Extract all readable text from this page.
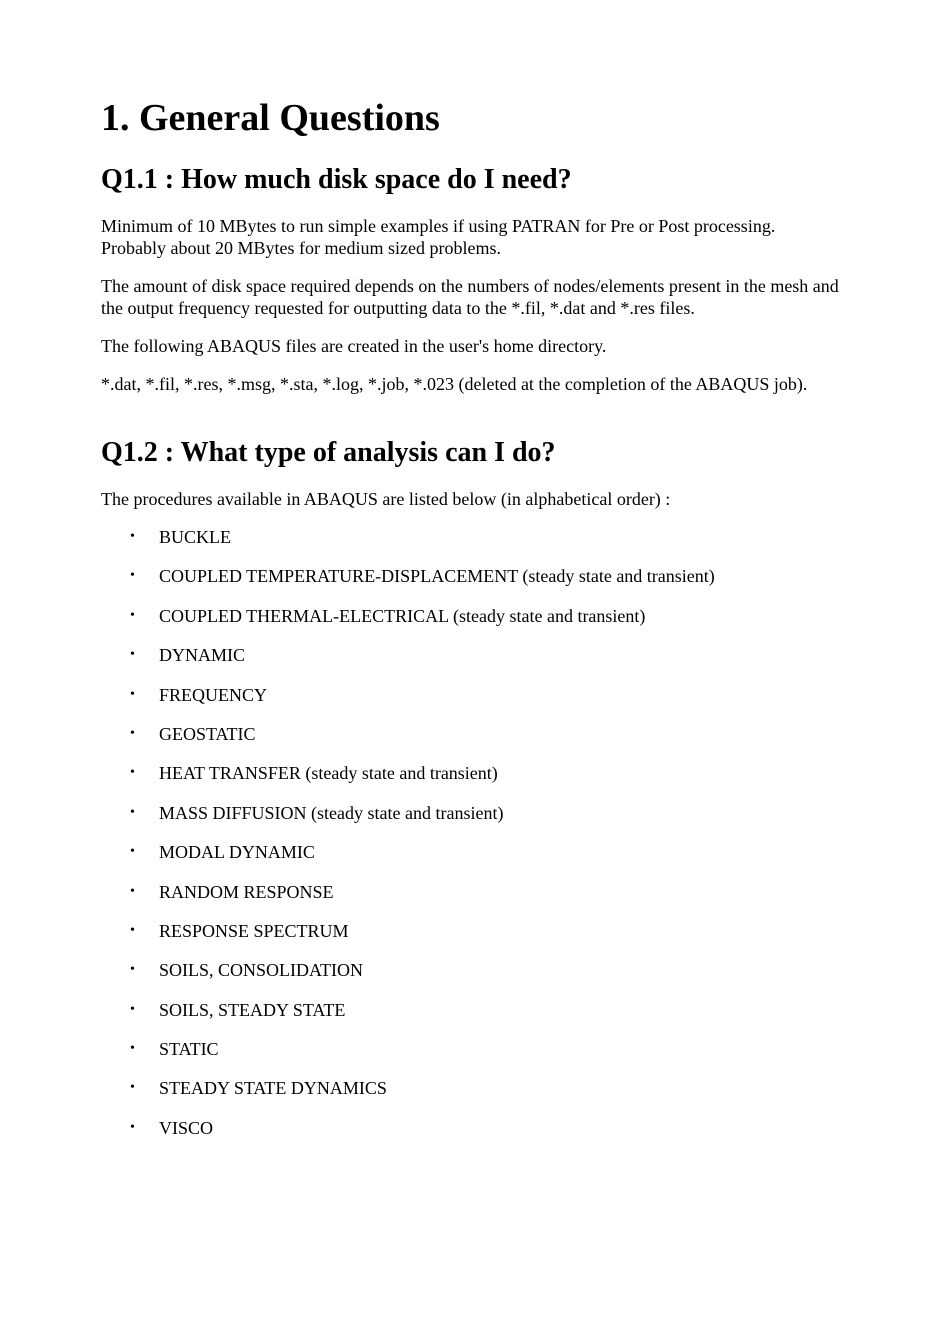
1. General Questions
Q1.1 : How much disk space do I need?

Minimum of 10 MBytes to run simple examples if using PATRAN for Pre or Post processing. Probably about 20 MBytes for medium sized problems.

The amount of disk space required depends on the numbers of nodes/elements present in the mesh and the output frequency requested for outputting data to the *.fil, *.dat and *.res files.

The following ABAQUS files are created in the user's home directory.

*.dat, *.fil, *.res, *.msg, *.sta, *.log, *.job, *.023 (deleted at the completion of the ABAQUS job).

Q1.2 : What type of analysis can I do?

The procedures available in ABAQUS are listed below (in alphabetical order) :

• BUCKLE
• COUPLED TEMPERATURE-DISPLACEMENT (steady state and transient)
• COUPLED THERMAL-ELECTRICAL (steady state and transient)
• DYNAMIC
• FREQUENCY
• GEOSTATIC
• HEAT TRANSFER (steady state and transient)
• MASS DIFFUSION (steady state and transient)
• MODAL DYNAMIC
• RANDOM RESPONSE
• RESPONSE SPECTRUM
• SOILS, CONSOLIDATION
• SOILS, STEADY STATE
• STATIC
• STEADY STATE DYNAMICS
• VISCO
